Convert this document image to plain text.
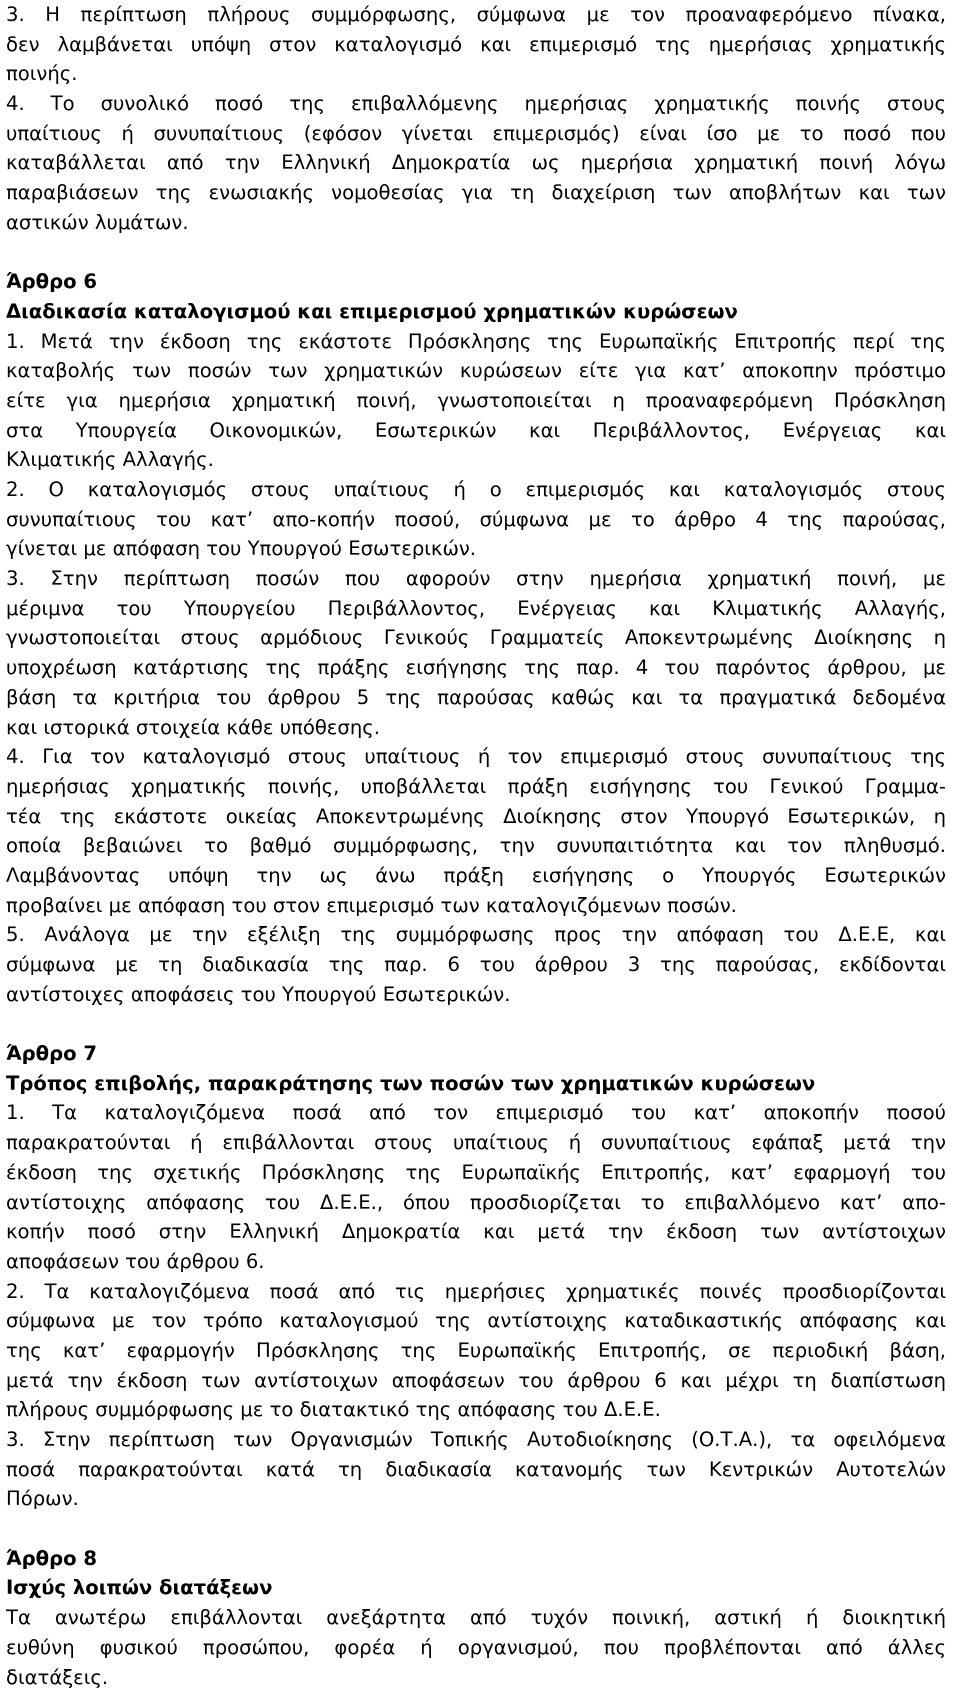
3. Η περίπτωση πλήρους συμμόρφωσης, σύμφωνα με τον προαναφερόμενο πίνακα,
δεν λαμβάνεται υπόψη στον καταλογισμό και επιμερισμό της ημερήσιας χρηματικής
ποινής.
4. Το συνολικό ποσό της επιβαλλόμενης ημερήσιας χρηματικής ποινής στους
υπαίτιους ή συνυπαίτιους (εφόσον γίνεται επιμερισμός) είναι ίσο με το ποσό που
καταβάλλεται από την Ελληνική Δημοκρατία ως ημερήσια χρηματική ποινή λόγω
παραβιάσεων της ενωσιακής νομοθεσίας για τη διαχείριση των αποβλήτων και των
αστικών λυμάτων.
Άρθρο 6
Διαδικασία καταλογισμού και επιμερισμού χρηματικών κυρώσεων
1. Μετά την έκδοση της εκάστοτε Πρόσκλησης της Ευρωπαϊκής Επιτροπής περί της
καταβολής των ποσών των χρηματικών κυρώσεων είτε για κατ’ αποκοπην πρόστιμο
είτε για ημερήσια χρηματική ποινή, γνωστοποιείται η προαναφερόμενη Πρόσκληση
στα Υπουργεία Οικονομικών, Εσωτερικών και Περιβάλλοντος, Ενέργειας και
Κλιματικής Αλλαγής.
2. Ο καταλογισμός στους υπαίτιους ή ο επιμερισμός και καταλογισμός στους
συνυπαίτιους του κατ’ απο-κοπήν ποσού, σύμφωνα με το άρθρο 4 της παρούσας,
γίνεται με απόφαση του Υπουργού Εσωτερικών.
3. Στην περίπτωση ποσών που αφορούν στην ημερήσια χρηματική ποινή, με
μέριμνα του Υπουργείου Περιβάλλοντος, Ενέργειας και Κλιματικής Αλλαγής,
γνωστοποιείται στους αρμόδιους Γενικούς Γραμματείς Αποκεντρωμένης Διοίκησης η
υποχρέωση κατάρτισης της πράξης εισήγησης της παρ. 4 του παρόντος άρθρου, με
βάση τα κριτήρια του άρθρου 5 της παρούσας καθώς και τα πραγματικά δεδομένα
και ιστορικά στοιχεία κάθε υπόθεσης.
4. Για τον καταλογισμό στους υπαίτιους ή τον επιμερισμό στους συνυπαίτιους της
ημερήσιας χρηματικής ποινής, υποβάλλεται πράξη εισήγησης του Γενικού Γραμμα-
τέα της εκάστοτε οικείας Αποκεντρωμένης Διοίκησης στον Υπουργό Εσωτερικών, η
οποία βεβαιώνει το βαθμό συμμόρφωσης, την συνυπαιτιότητα και τον πληθυσμό.
Λαμβάνοντας υπόψη την ως άνω πράξη εισήγησης ο Υπουργός Εσωτερικών
προβαίνει με απόφαση του στον επιμερισμό των καταλογιζόμενων ποσών.
5. Ανάλογα με την εξέλιξη της συμμόρφωσης προς την απόφαση του Δ.Ε.Ε, και
σύμφωνα με τη διαδικασία της παρ. 6 του άρθρου 3 της παρούσας, εκδίδονται
αντίστοιχες αποφάσεις του Υπουργού Εσωτερικών.
Άρθρο 7
Τρόπος επιβολής, παρακράτησης των ποσών των χρηματικών κυρώσεων
1. Τα καταλογιζόμενα ποσά από τον επιμερισμό του κατ’ αποκοπήν ποσού
παρακρατούνται ή επιβάλλονται στους υπαίτιους ή συνυπαίτιους εφάπαξ μετά την
έκδοση της σχετικής Πρόσκλησης της Ευρωπαϊκής Επιτροπής, κατ’ εφαρμογή του
αντίστοιχης απόφασης του Δ.Ε.Ε., όπου προσδιορίζεται το επιβαλλόμενο κατ’ απο-
κοπήν ποσό στην Ελληνική Δημοκρατία και μετά την έκδοση των αντίστοιχων
αποφάσεων του άρθρου 6.
2. Τα καταλογιζόμενα ποσά από τις ημερήσιες χρηματικές ποινές προσδιορίζονται
σύμφωνα με τον τρόπο καταλογισμού της αντίστοιχης καταδικαστικής απόφασης και
της κατ’ εφαρμογήν Πρόσκλησης της Ευρωπαϊκής Επιτροπής, σε περιοδική βάση,
μετά την έκδοση των αντίστοιχων αποφάσεων του άρθρου 6 και μέχρι τη διαπίστωση
πλήρους συμμόρφωσης με το διατακτικό της απόφασης του Δ.Ε.Ε.
3. Στην περίπτωση των Οργανισμών Τοπικής Αυτοδιοίκησης (Ο.Τ.Α.), τα οφειλόμενα
ποσά παρακρατούνται κατά τη διαδικασία κατανομής των Κεντρικών Αυτοτελών
Πόρων.
Άρθρο 8
Ισχύς λοιπών διατάξεων
Τα ανωτέρω επιβάλλονται ανεξάρτητα από τυχόν ποινική, αστική ή διοικητική
ευθύνη φυσικού προσώπου, φορέα ή οργανισμού, που προβλέπονται από άλλες
διατάξεις.
